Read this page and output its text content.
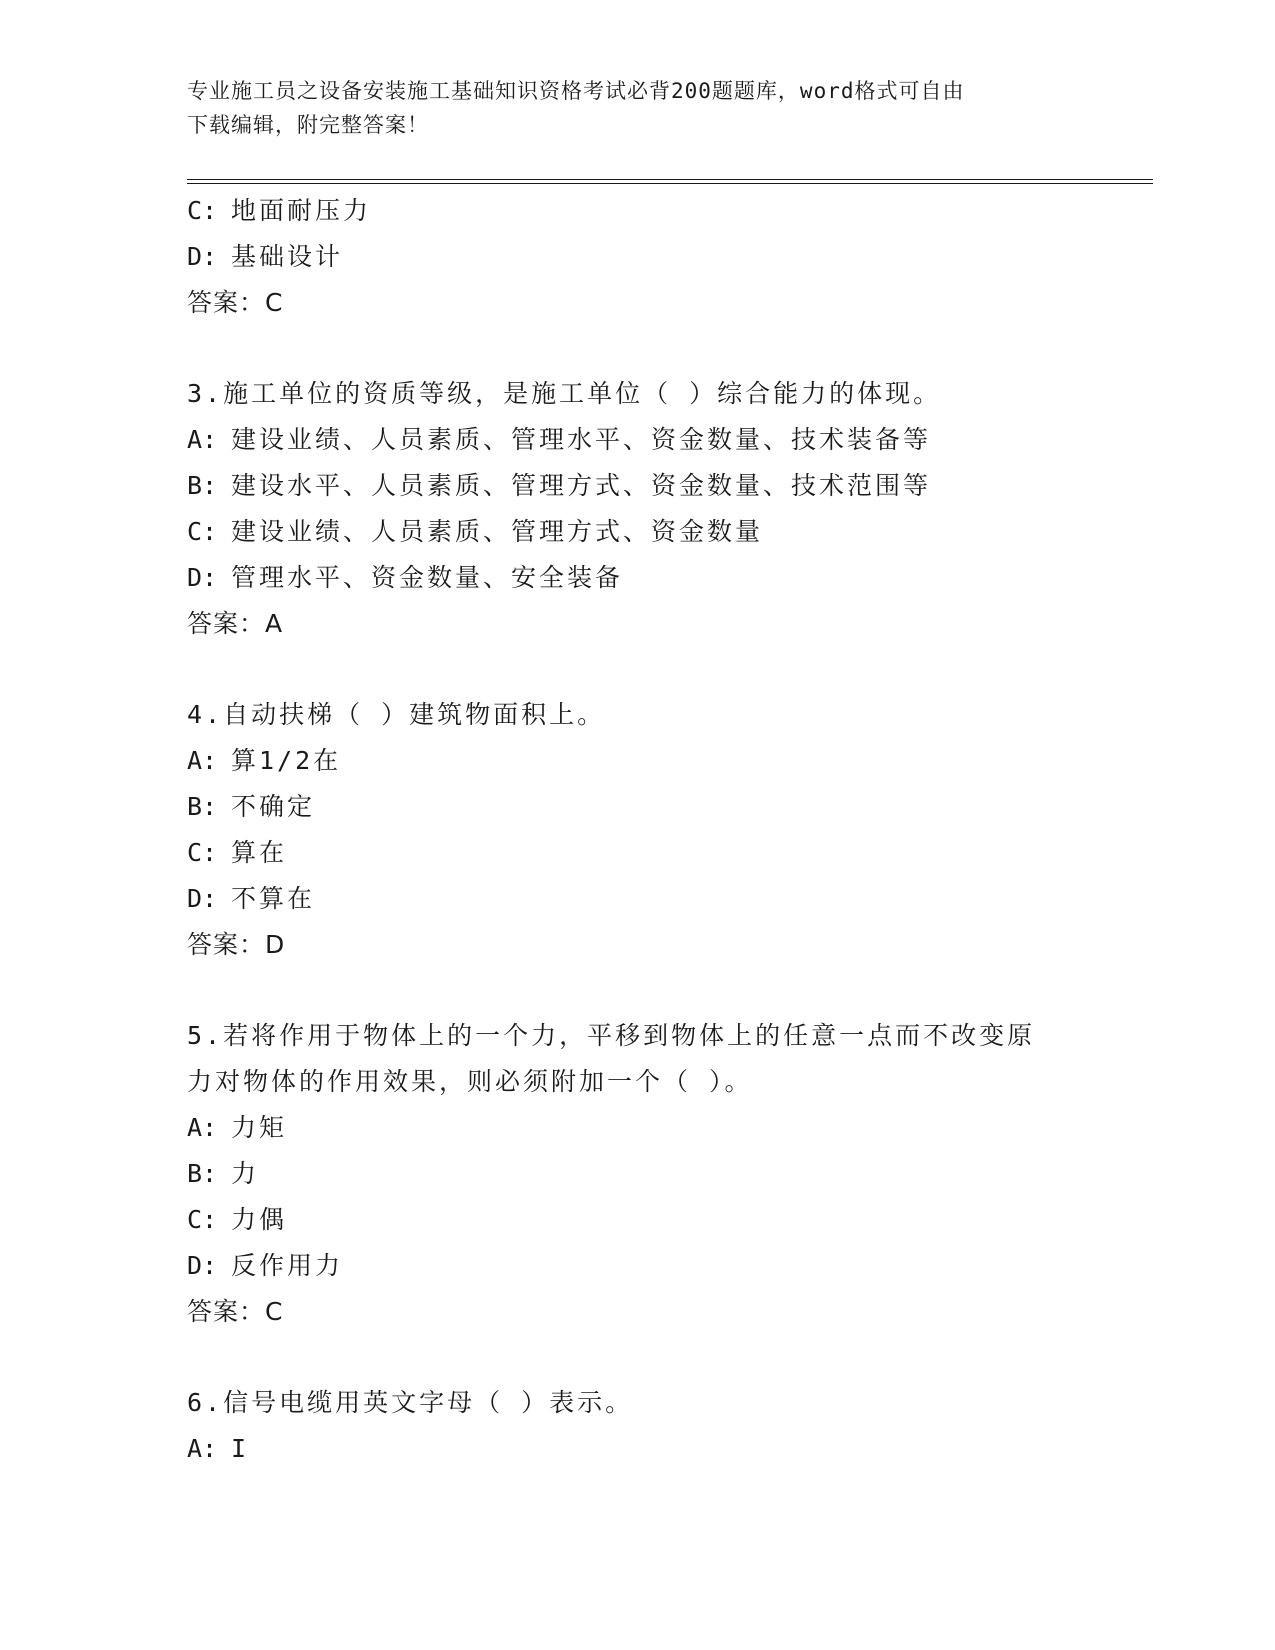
专业施工员之设备安装施工基础知识资格考试必背200题题库，word格式可自由
下载编辑，附完整答案！
C: 地面耐压力
D: 基础设计
答案：C
3.施工单位的资质等级，是施工单位（ ）综合能力的体现。
A: 建设业绩、人员素质、管理水平、资金数量、技术装备等
B: 建设水平、人员素质、管理方式、资金数量、技术范围等
C: 建设业绩、人员素质、管理方式、资金数量
D: 管理水平、资金数量、安全装备
答案：A
4.自动扶梯（ ）建筑物面积上。
A: 算1/2在
B: 不确定
C: 算在
D: 不算在
答案：D
5.若将作用于物体上的一个力，平移到物体上的任意一点而不改变原
力对物体的作用效果，则必须附加一个（ ）。
A: 力矩
B: 力
C: 力偶
D: 反作用力
答案：C
6.信号电缆用英文字母（ ）表示。
A: I
